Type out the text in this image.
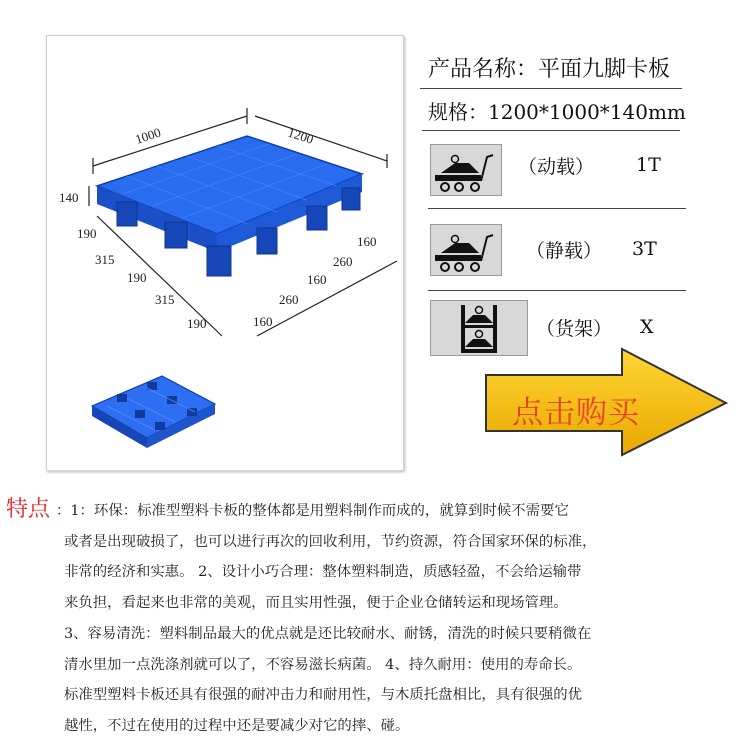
1000	1200
140
190
315
190
315
190
160
260
160
260
160
产品名称：平面九脚卡板
规格：1200*1000*140mm
（动载） 1T
（静载） 3T
（货架） X
点击购买
特点 ：1：环保：标准型塑料卡板的整体都是用塑料制作而成的，就算到时候不需要它

或者是出现破损了，也可以进行再次的回收利用，节约资源，符合国家环保的标准，

非常的经济和实惠。 2、设计小巧合理：整体塑料制造，质感轻盈，不会给运输带

来负担，看起来也非常的美观，而且实用性强，便于企业仓储转运和现场管理。

3、容易清洗：塑料制品最大的优点就是还比较耐水、耐锈，清洗的时候只要稍微在

清水里加一点洗涤剂就可以了，不容易滋长病菌。 4、持久耐用：使用的寿命长。

标准型塑料卡板还具有很强的耐冲击力和耐用性，与木质托盘相比，具有很强的优

越性，不过在使用的过程中还是要减少对它的摔、碰。
